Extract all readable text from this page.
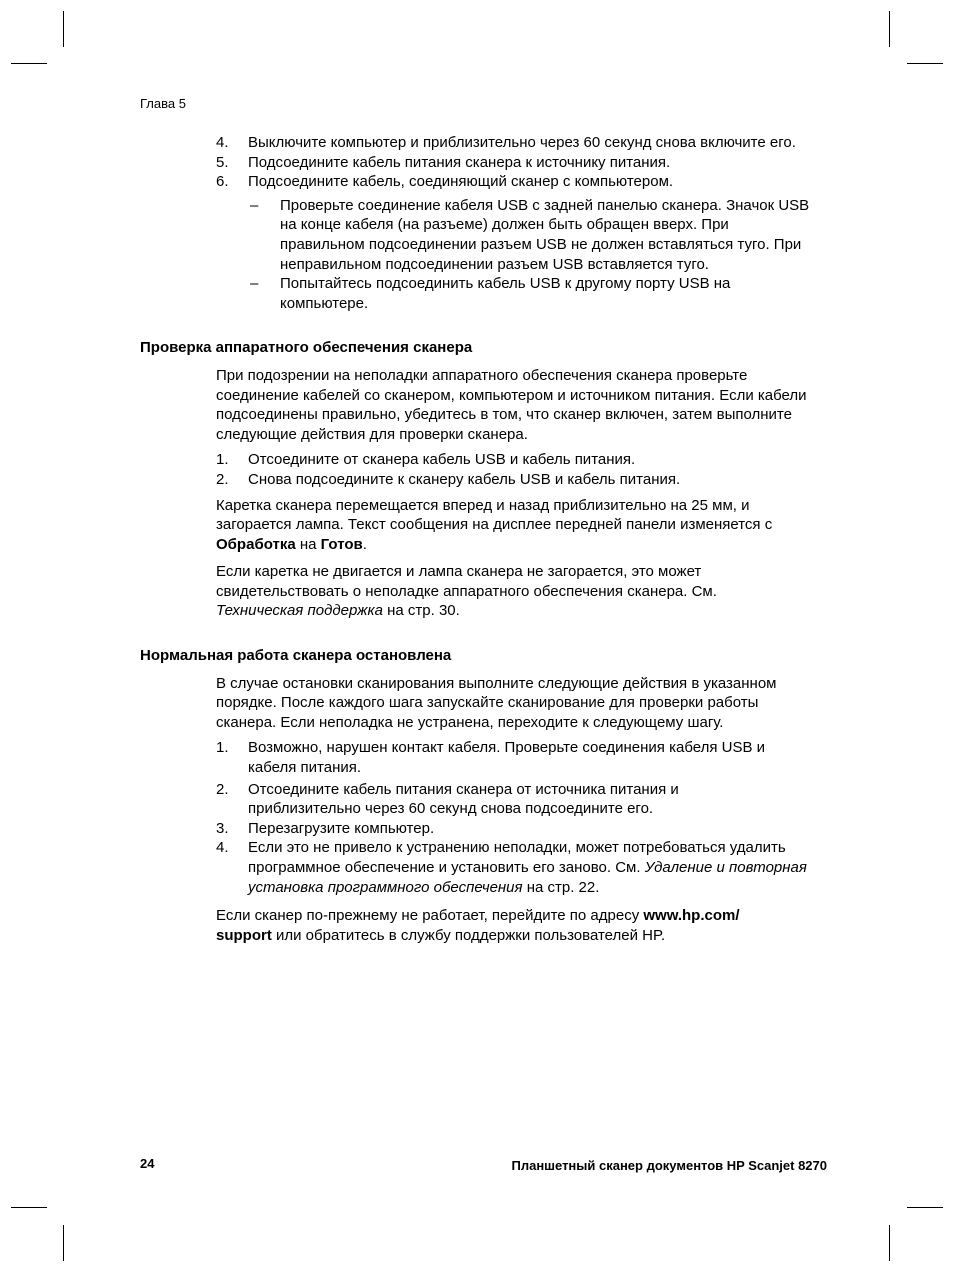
Глава 5
4. Выключите компьютер и приблизительно через 60 секунд снова включите его.
5. Подсоедините кабель питания сканера к источнику питания.
6. Подсоедините кабель, соединяющий сканер с компьютером.
– Проверьте соединение кабеля USB с задней панелью сканера. Значок USB на конце кабеля (на разъеме) должен быть обращен вверх. При правильном подсоединении разъем USB не должен вставляться туго. При неправильном подсоединении разъем USB вставляется туго.
– Попытайтесь подсоединить кабель USB к другому порту USB на компьютере.
Проверка аппаратного обеспечения сканера

При подозрении на неполадки аппаратного обеспечения сканера проверьте соединение кабелей со сканером, компьютером и источником питания. Если кабели подсоединены правильно, убедитесь в том, что сканер включен, затем выполните следующие действия для проверки сканера.

1. Отсоедините от сканера кабель USB и кабель питания.
2. Снова подсоедините к сканеру кабель USB и кабель питания.

Каретка сканера перемещается вперед и назад приблизительно на 25 мм, и загорается лампа. Текст сообщения на дисплее передней панели изменяется с Обработка на Готов.

Если каретка не двигается и лампа сканера не загорается, это может свидетельствовать о неполадке аппаратного обеспечения сканера. См. Техническая поддержка на стр. 30.

Нормальная работа сканера остановлена

В случае остановки сканирования выполните следующие действия в указанном порядке. После каждого шага запускайте сканирование для проверки работы сканера. Если неполадка не устранена, переходите к следующему шагу.

1. Возможно, нарушен контакт кабеля. Проверьте соединения кабеля USB и кабеля питания.
2. Отсоедините кабель питания сканера от источника питания и приблизительно через 60 секунд снова подсоедините его.
3. Перезагрузите компьютер.
4. Если это не привело к устранению неполадки, может потребоваться удалить программное обеспечение и установить его заново. См. Удаление и повторная установка программного обеспечения на стр. 22.

Если сканер по-прежнему не работает, перейдите по адресу www.hp.com/ support или обратитесь в службу поддержки пользователей HP.

24	Планшетный сканер документов HP Scanjet 8270
